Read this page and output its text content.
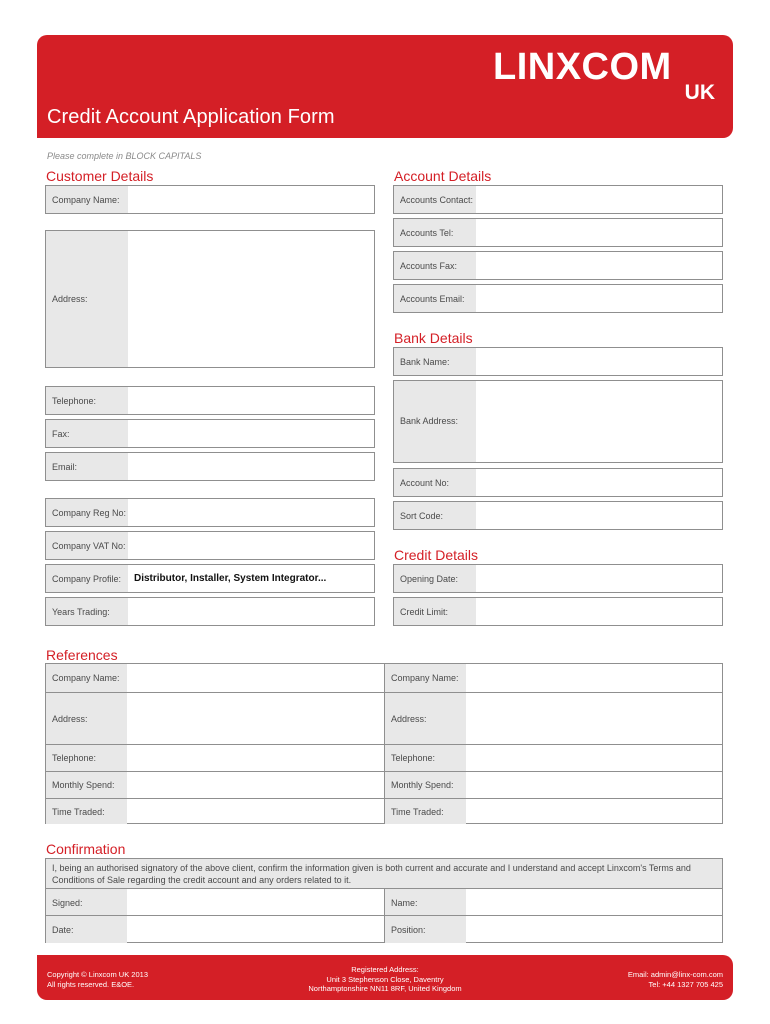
Credit Account Application Form
LINXCOM
UK
Please complete in BLOCK CAPITALS
Customer Details
Company Name:
Address:
Telephone:
Fax:
Email:
Company Reg No:
Company VAT No:
Company Profile:	Distributor, Installer, System Integrator...
Years Trading:
Account Details
Accounts Contact:
Accounts Tel:
Accounts Fax:
Accounts Email:
Bank Details
Bank Name:
Bank Address:
Account No:
Sort Code:
Credit Details
Opening Date:
Credit Limit:
References
Company Name:	Company Name:
Address:	Address:
Telephone:	Telephone:
Monthly Spend:	Monthly Spend:
Time Traded:	Time Traded:
Confirmation
I, being an authorised signatory of the above client, confirm the information given is both current and accurate and I understand and accept Linxcom's Terms and Conditions of Sale regarding the credit account and any orders related to it.
Signed:	Name:
Date:	Position:
Copyright © Linxcom UK 2013
All rights reserved. E&OE.
Registered Address:
Unit 3 Stephenson Close, Daventry
Northamptonshire NN11 8RF, United Kingdom
Email: admin@linx-com.com
Tel: +44 1327 705 425
